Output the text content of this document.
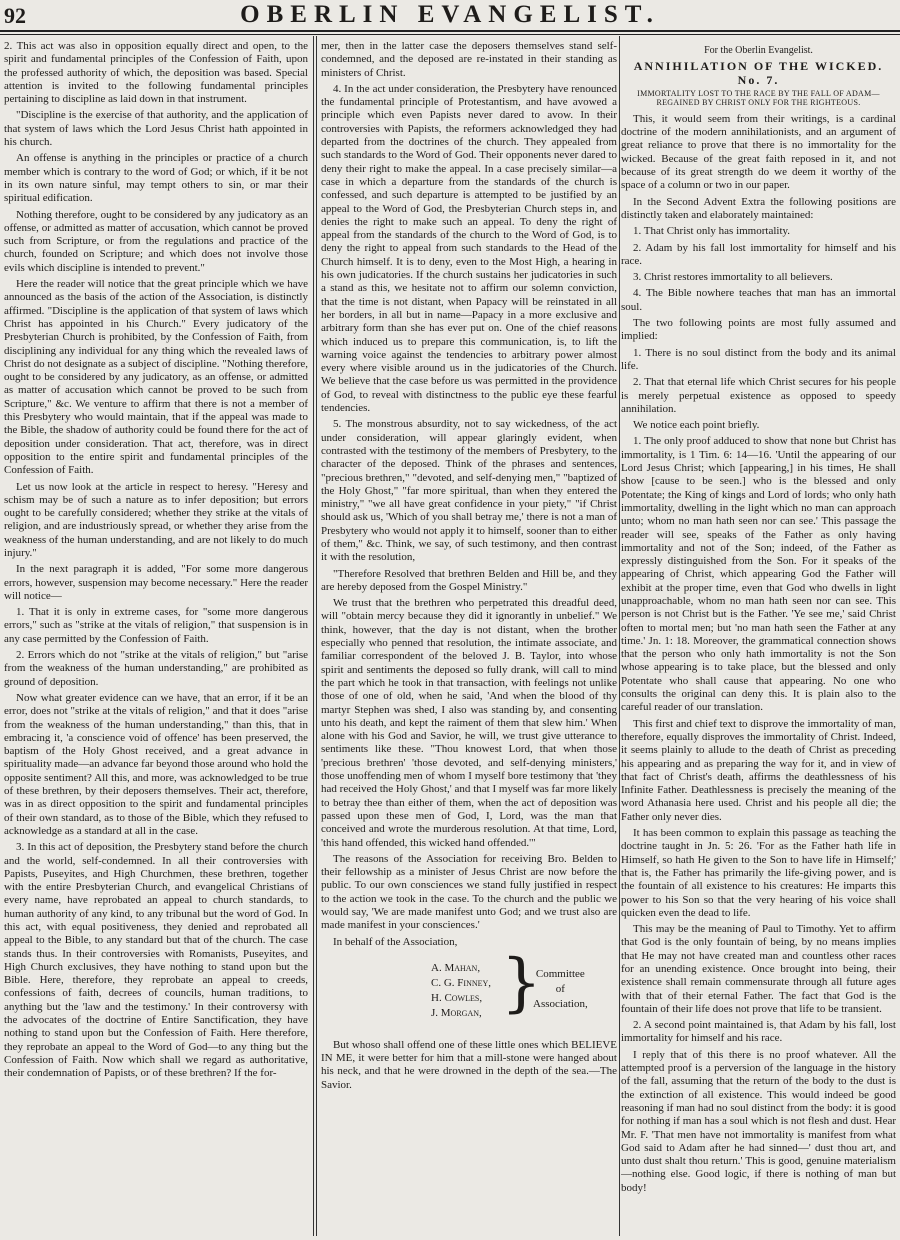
92	OBERLIN EVANGELIST.

2. This act was also in opposition equally direct and open, to the spirit and fundamental principles of the Confession of Faith, upon the professed authority of which, the deposition was based. Special attention is invited to the following fundamental principles pertaining to discipline as laid down in that instrument.

"Discipline is the exercise of that authority, and the application of that system of laws which the Lord Jesus Christ hath appointed in his church.

An offense is anything in the principles or practice of a church member which is contrary to the word of God; or which, if it be not in its own nature sinful, may tempt others to sin, or mar their spiritual edification.

Nothing therefore, ought to be considered by any judicatory as an offense, or admitted as matter of accusation, which cannot be proved such from Scripture, or from the regulations and practice of the church, founded on Scripture; and which does not involve those evils which discipline is intended to prevent."

Here the reader will notice that the great principle which we have announced as the basis of the action of the Association, is distinctly affirmed. "Discipline is the application of that system of laws which Christ has appointed in his Church." Every judicatory of the Presbyterian Church is prohibited, by the Confession of Faith, from disciplining any individual for any thing which the revealed laws of Christ do not designate as a subject of discipline. "Nothing therefore, ought to be considered by any judicatory, as an offense, or admitted as matter of accusation which cannot be proved to be such from Scripture," &c. We venture to affirm that there is not a member of this Presbytery who would maintain, that if the appeal was made to the Bible, the shadow of authority could be found there for the act of deposition under consideration. That act, therefore, was in direct opposition to the entire spirit and fundamental principles of the Confession of Faith.

Let us now look at the article in respect to heresy. "Heresy and schism may be of such a nature as to infer deposition; but errors ought to be carefully considered; whether they strike at the vitals of religion, and are industriously spread, or whether they arise from the weakness of the human understanding, and are not likely to do much injury."

In the next paragraph it is added, "For some more dangerous errors, however, suspension may become necessary." Here the reader will notice—

1. That it is only in extreme cases, for "some more dangerous errors," such as "strike at the vitals of religion," that suspension is in any case permitted by the Confession of Faith.

2. Errors which do not "strike at the vitals of religion," but "arise from the weakness of the human understanding," are prohibited as ground of deposition.

Now what greater evidence can we have, that an error, if it be an error, does not "strike at the vitals of religion," and that it does "arise from the weakness of the human understanding," than this, that in embracing it, 'a conscience void of offence' has been preserved, the baptism of the Holy Ghost received, and a great advance in spirituality made—an advance far beyond those around who hold the opposite sentiment? All this, and more, was acknowledged to be true of these brethren, by their deposers themselves. Their act, therefore, was in as direct opposition to the spirit and fundamental principles of their own standard, as to those of the Bible, which they refused to acknowledge as a standard at all in the case.

3. In this act of deposition, the Presbytery stand before the church and the world, self-condemned. In all their controversies with Papists, Puseyites, and High Churchmen, these brethren, together with the entire Presbyterian Church, and evangelical Christians of every name, have reprobated an appeal to church standards, to human authority of any kind, to any tribunal but the word of God. In this act, with equal positiveness, they denied and reprobated all appeal to the Bible, to any standard but that of the church. The case stands thus. In their controversies with Romanists, Puseyites, and High Church exclusives, they have nothing to stand upon but the Bible. Here, therefore, they reprobate an appeal to creeds, confessions of faith, decrees of councils, human traditions, to anything but the 'law and the testimony.' In their controversy with the advocates of the doctrine of Entire Sanctification, they have nothing to stand upon but the Confession of Faith. Here therefore, they reprobate an appeal to the Word of God—to any thing but the Confession of Faith. Now which shall we regard as authoritative, their condemnation of Papists, or of these brethren? If the for-

mer, then in the latter case the deposers themselves stand self-condemned, and the deposed are re-instated in their standing as ministers of Christ.

4. In the act under consideration, the Presbytery have renounced the fundamental principle of Protestantism, and have avowed a principle which even Papists never dared to avow. In their controversies with Papists, the reformers acknowledged they had departed from the doctrines of the church. They appealed from such standards to the Word of God. Their opponents never dared to deny their right to make the appeal. In a case precisely similar—a case in which a departure from the standards of the church is confessed, and such departure is attempted to be justified by an appeal to the Word of God, the Presbyterian Church steps in, and denies the right to make such an appeal. To deny the right of appeal from the standards of the church to the Word of God, is to deny the right to appeal from such standards to the Head of the Church himself. It is to deny, even to the Most High, a hearing in his own judicatories. If the church sustains her judicatories in such a stand as this, we hesitate not to affirm our solemn conviction, that the time is not distant, when Papacy will be reinstated in all her borders, in all but in name—Papacy in a more exclusive and arbitrary form than she has ever put on. One of the chief reasons which induced us to prepare this communication, is, to lift the warning voice against the tendencies to arbitrary power almost every where visible around us in the judicatories of the Church. We believe that the case before us was permitted in the providence of God, to reveal with distinctness to the public eye these fearful tendencies.

5. The monstrous absurdity, not to say wickedness, of the act under consideration, will appear glaringly evident, when contrasted with the testimony of the members of Presbytery, to the character of the deposed. Think of the phrases and sentences, "precious brethren," "devoted, and self-denying men," "baptized of the Holy Ghost," "far more spiritual, than when they entered the ministry," "we all have great confidence in your piety," "if Christ should ask us, 'Which of you shall betray me,' there is not a man of Presbytery who would not apply it to himself, sooner than to either of them," &c. Think, we say, of such testimony, and then contrast it with the resolution,

"Therefore Resolved that brethren Belden and Hill be, and they are hereby deposed from the Gospel Ministry."

We trust that the brethren who perpetrated this dreadful deed, will "obtain mercy because they did it ignorantly in unbelief." We think, however, that the day is not distant, when the brother especially who penned that resolution, the intimate associate, and familiar correspondent of the beloved J. B. Taylor, into whose spirit and sentiments the deposed so fully drank, will call to mind the part which he took in that transaction, with feelings not unlike those of one of old, when he said, 'And when the blood of thy martyr Stephen was shed, I also was standing by, and consenting unto his death, and kept the raiment of them that slew him.' When alone with his God and Savior, he will, we trust give utterance to sentiments like these. "Thou knowest Lord, that when those 'precious brethren' 'those devoted, and self-denying ministers,' those unoffending men of whom I myself bore testimony that 'they had received the Holy Ghost,' and that I myself was far more likely to betray thee than either of them, when the act of deposition was passed upon these men of God, I, Lord, was the man that conceived and wrote the murderous resolution. At that time, Lord, 'this hand offended, this wicked hand offended.'"

The reasons of the Association for receiving Bro. Belden to their fellowship as a minister of Jesus Christ are now before the public. To our own consciences we stand fully justified in respect to the action we took in the case. To the church and the public we would say, 'We are made manifest unto God; and we trust also are made manifest in your consciences.'

In behalf of the Association,

A. Mahan,
C. G. Finney,
H. Cowles,
J. Morgan, }
Committee
of
Association,

But whoso shall offend one of these little ones which BELIEVE IN ME, it were better for him that a mill-stone were hanged about his neck, and that he were drowned in the depth of the sea.—The Savior.

For the Oberlin Evangelist.
ANNIHILATION OF THE WICKED. No. 7.
IMMORTALITY LOST TO THE RACE BY THE FALL OF ADAM—REGAINED BY CHRIST ONLY FOR THE RIGHTEOUS.

This, it would seem from their writings, is a cardinal doctrine of the modern annihilationists, and an argument of great reliance to prove that there is no immortality for the wicked. Because of the great faith reposed in it, and not because of its great strength do we deem it worthy of the space of a column or two in our paper.

In the Second Advent Extra the following positions are distinctly taken and elaborately maintained:

1. That Christ only has immortality.

2. Adam by his fall lost immortality for himself and his race.

3. Christ restores immortality to all believers.

4. The Bible nowhere teaches that man has an immortal soul.

The two following points are most fully assumed and implied:

1. There is no soul distinct from the body and its animal life.

2. That that eternal life which Christ secures for his people is merely perpetual existence as opposed to speedy annihilation.

We notice each point briefly.

1. The only proof adduced to show that none but Christ has immortality, is 1 Tim. 6: 14—16. 'Until the appearing of our Lord Jesus Christ; which [appearing,] in his times, He shall show [cause to be seen.] who is the blessed and only Potentate; the King of kings and Lord of lords; who only hath immortality, dwelling in the light which no man can approach unto; whom no man hath seen nor can see.' This passage the reader will see, speaks of the Father as only having immortality and not of the Son; indeed, of the Father as expressly distinguished from the Son. For it speaks of the appearing of Christ, which appearing God the Father will exhibit at the proper time, even that God who dwells in light unapproachable, whom no man hath seen nor can see. This person is not Christ but is the Father. 'Ye see me,' said Christ often to mortal men; but 'no man hath seen the Father at any time.' Jn. 1: 18. Moreover, the grammatical connection shows that the person who only hath immortality is not the Son whose appearing is to take place, but the blessed and only Potentate who shall cause that appearing. No one who consults the original can deny this. It is plain also to the careful reader of our translation.

This first and chief text to disprove the immortality of man, therefore, equally disproves the immortality of Christ. Indeed, it seems plainly to allude to the death of Christ as preceding his appearing and as preparing the way for it, and in view of that fact of Christ's death, affirms the deathlessness of his Infinite Father. Deathlessness is precisely the meaning of the word Athanasia here used. Christ and his people all die; the Father only never dies.

It has been common to explain this passage as teaching the doctrine taught in Jn. 5: 26. 'For as the Father hath life in Himself, so hath He given to the Son to have life in Himself;' that is, the Father has primarily the life-giving power, and is the fountain of all existence to his creatures: He imparts this power to his Son so that the very hearing of his voice shall quicken even the dead to life.

This may be the meaning of Paul to Timothy. Yet to affirm that God is the only fountain of being, by no means implies that He may not have created man and countless other races for an unending existence. Once brought into being, their existence shall remain commensurate through all future ages with that of their eternal Father. The fact that God is the fountain of their life does not prove that life to be transient.

2. A second point maintained is, that Adam by his fall, lost immortality for himself and his race.

I reply that of this there is no proof whatever. All the attempted proof is a perversion of the language in the history of the fall, assuming that the return of the body to the dust is the extinction of all existence. This would indeed be good reasoning if man had no soul distinct from the body: it is good for nothing if man has a soul which is not flesh and dust. Hear Mr. F. 'That men have not immortality is manifest from what God said to Adam after he had sinned—' dust thou art, and unto dust shalt thou return.' This is good, genuine materialism—nothing else. Good logic, if there is nothing of man but body!
